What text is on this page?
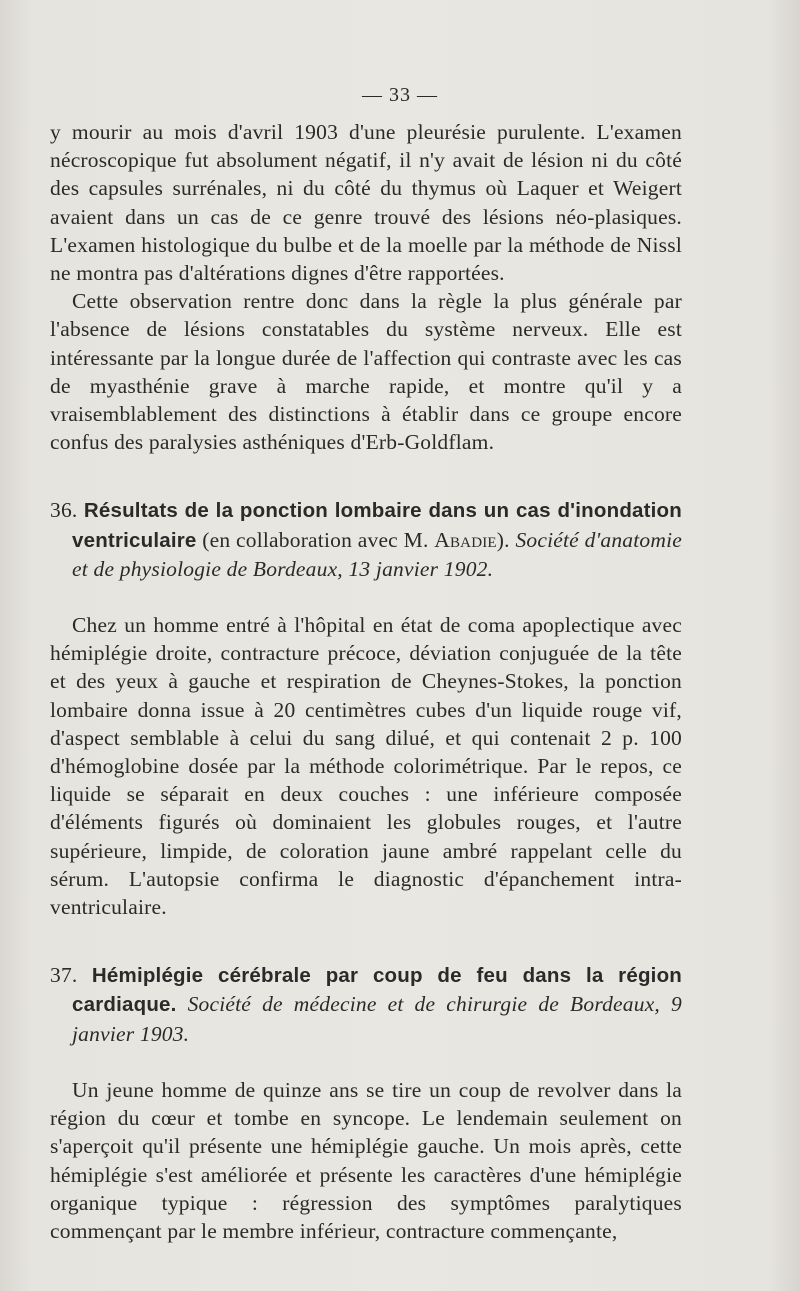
— 33 —

y mourir au mois d'avril 1903 d'une pleurésie purulente. L'examen nécroscopique fut absolument négatif, il n'y avait de lésion ni du côté des capsules surrénales, ni du côté du thymus où Laquer et Weigert avaient dans un cas de ce genre trouvé des lésions néo-plasiques. L'examen histologique du bulbe et de la moelle par la méthode de Nissl ne montra pas d'altérations dignes d'être rapportées.

Cette observation rentre donc dans la règle la plus générale par l'absence de lésions constatables du système nerveux. Elle est intéressante par la longue durée de l'affection qui contraste avec les cas de myasthénie grave à marche rapide, et montre qu'il y a vraisemblablement des distinctions à établir dans ce groupe encore confus des paralysies asthéniques d'Erb-Goldflam.

36. Résultats de la ponction lombaire dans un cas d'inondation ventriculaire (en collaboration avec M. Abadie). Société d'anatomie et de physiologie de Bordeaux, 13 janvier 1902.

Chez un homme entré à l'hôpital en état de coma apoplectique avec hémiplégie droite, contracture précoce, déviation conjuguée de la tête et des yeux à gauche et respiration de Cheynes-Stokes, la ponction lombaire donna issue à 20 centimètres cubes d'un liquide rouge vif, d'aspect semblable à celui du sang dilué, et qui contenait 2 p. 100 d'hémoglobine dosée par la méthode colorimétrique. Par le repos, ce liquide se séparait en deux couches : une inférieure composée d'éléments figurés où dominaient les globules rouges, et l'autre supérieure, limpide, de coloration jaune ambré rappelant celle du sérum. L'autopsie confirma le diagnostic d'épanchement intra-ventriculaire.

37. Hémiplégie cérébrale par coup de feu dans la région cardiaque. Société de médecine et de chirurgie de Bordeaux, 9 janvier 1903.

Un jeune homme de quinze ans se tire un coup de revolver dans la région du cœur et tombe en syncope. Le lendemain seulement on s'aperçoit qu'il présente une hémiplégie gauche. Un mois après, cette hémiplégie s'est améliorée et présente les caractères d'une hémiplégie organique typique : régression des symptômes paralytiques commençant par le membre inférieur, contracture commençante,
